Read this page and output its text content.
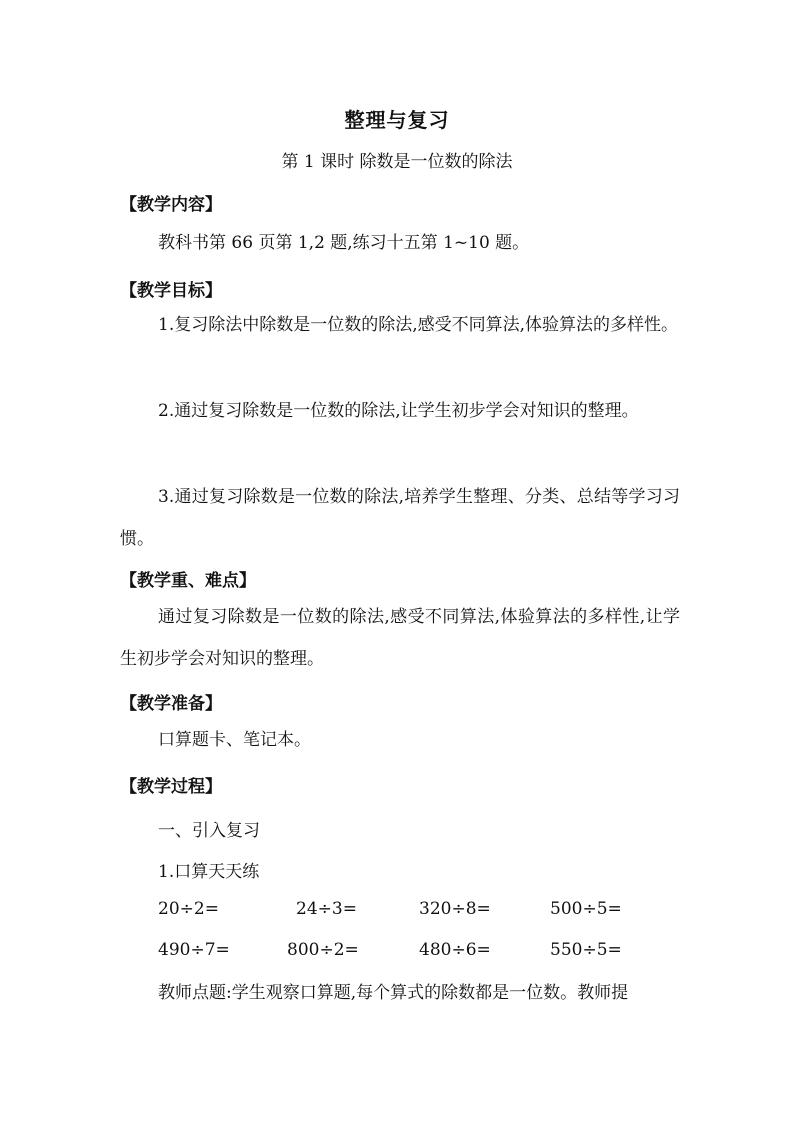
整理与复习
第 1 课时 除数是一位数的除法
【教学内容】
教科书第 66 页第 1,2 题,练习十五第 1~10 题。
【教学目标】
1.复习除法中除数是一位数的除法,感受不同算法,体验算法的多样性。
2.通过复习除数是一位数的除法,让学生初步学会对知识的整理。
3.通过复习除数是一位数的除法,培养学生整理、分类、总结等学习习惯。
【教学重、难点】
通过复习除数是一位数的除法,感受不同算法,体验算法的多样性,让学生初步学会对知识的整理。
【教学准备】
口算题卡、笔记本。
【教学过程】
一、引入复习
1.口算天天练
20÷2=	24÷3=	320÷8=	500÷5=
490÷7=	800÷2=	480÷6=	550÷5=
教师点题:学生观察口算题,每个算式的除数都是一位数。教师提
